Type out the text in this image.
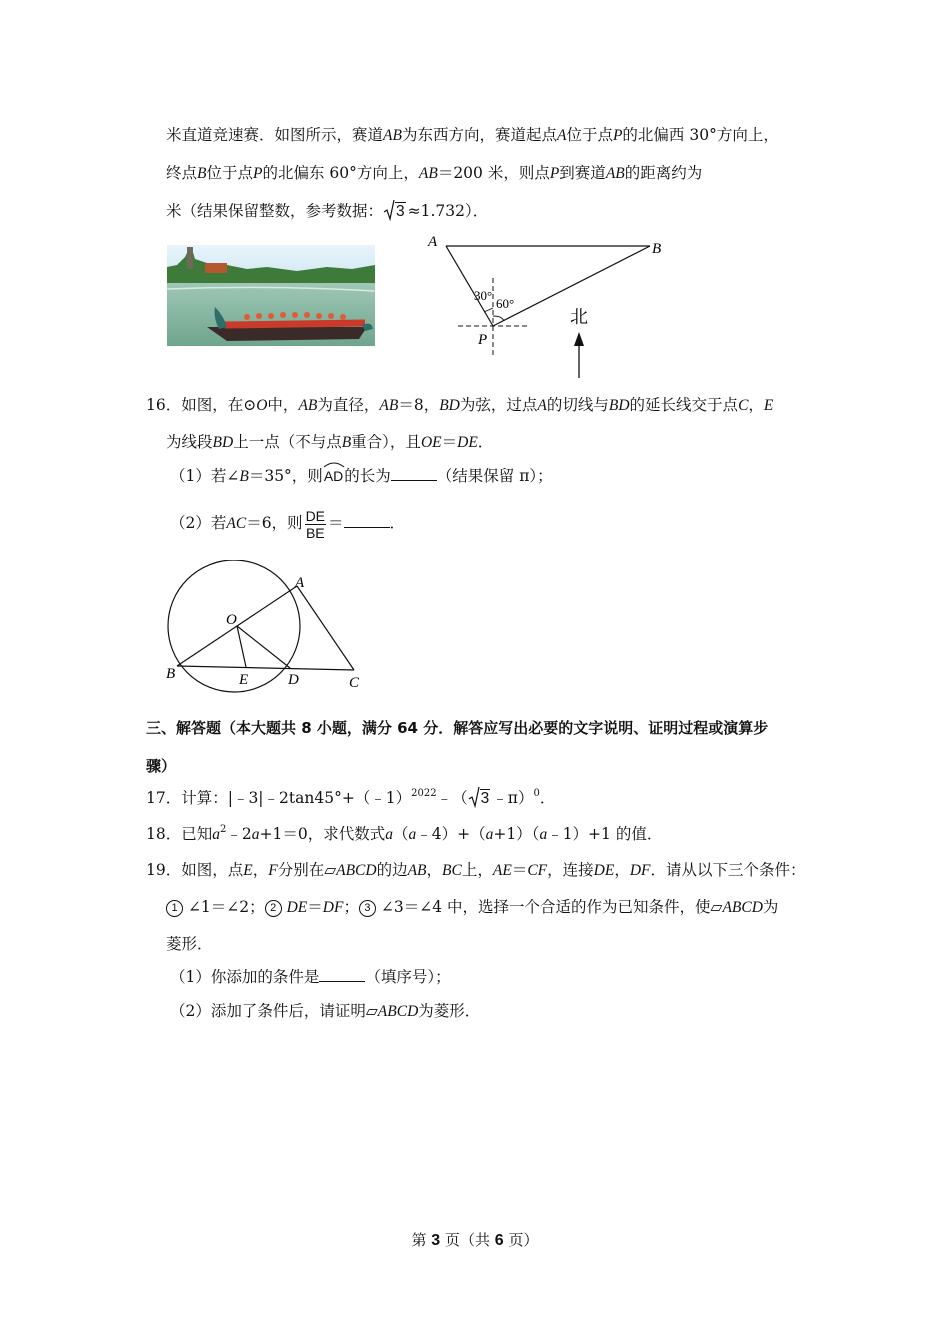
米直道竞速赛．如图所示，赛道AB为东西方向，赛道起点A位于点P的北偏西 30°方向上，
终点B位于点P的北偏东 60°方向上，AB＝200 米，则点P到赛道AB的距离约为
米（结果保留整数，参考数据： 3 ≈1.732）．
A	B
P
30°
60°
北
16．如图，在⊙O中，AB为直径，AB＝8，BD为弦，过点A的切线与BD的延长线交于点C，E
为线段BD上一点（不与点B重合），且OE＝DE．
（1）若∠B＝35°，则
AD的长为	（结果保留 π）；
（2）若AC＝6，则 $\frac{DE}{BE}$ ＝	．
A
O
B	E	D	C
三、解答题（本大题共 8 小题，满分 64 分．解答应写出必要的文字说明、证明过程或演算步
骤）
17．计算：|﹣3|﹣2tan45°+（﹣1）$^{2022}$﹣（ 3 ﹣π）$^0$．
18．已知$a^2﹣2a+1=0$，求代数式a（a﹣4）+（a+1）（a﹣1）+1 的值．
19．如图，点E，F分别在▱ABCD的边AB，BC上，AE＝CF，连接DE，DF．请从以下三个条件：
1 ∠1＝∠2； 2 DE＝DF； 3 ∠3＝∠4 中，选择一个合适的作为已知条件，使▱ABCD为
菱形．
（1）你添加的条件是	（填序号）；
（2）添加了条件后，请证明▱ABCD为菱形．
第 3 页（共 6 页）
